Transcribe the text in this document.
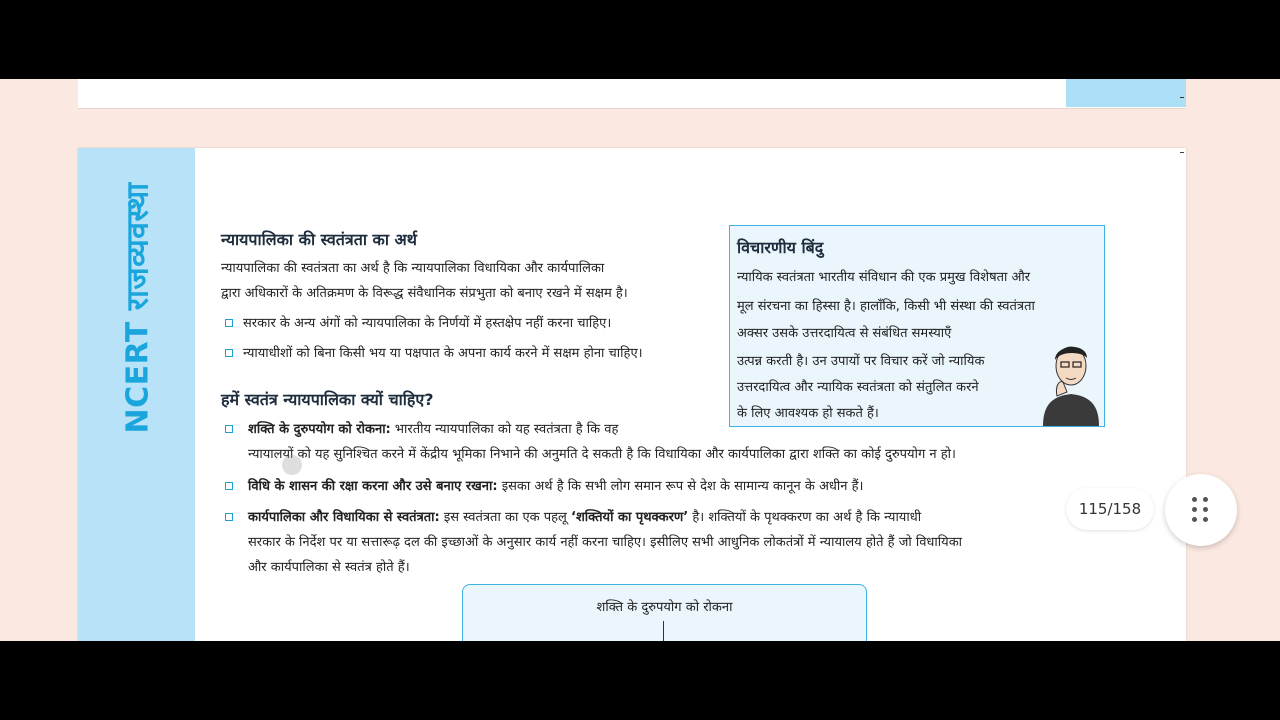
NCERT राजव्यवस्था	न्यायपालिका की स्वतंत्रता का अर्थ

न्यायपालिका की स्वतंत्रता का अर्थ है कि न्यायपालिका विधायिका और कार्यपालिका
द्वारा अधिकारों के अतिक्रमण के विरूद्ध संवैधानिक संप्रभुता को बनाए रखने में सक्षम है।

सरकार के अन्य अंगों को न्यायपालिका के निर्णयों में हस्तक्षेप नहीं करना चाहिए।
न्यायाधीशों को बिना किसी भय या पक्षपात के अपना कार्य करने में सक्षम होना चाहिए।
हमें स्वतंत्र न्यायपालिका क्यों चाहिए?
शक्ति के दुरुपयोग को रोकना: भारतीय न्यायपालिका को यह स्वतंत्रता है कि वह
न्यायालयों को यह सुनिश्चित करने में केंद्रीय भूमिका निभाने की अनुमति दे सकती है कि विधायिका और कार्यपालिका द्वारा शक्ति का कोई दुरुपयोग न हो।
विधि के शासन की रक्षा करना और उसे बनाए रखना: इसका अर्थ है कि सभी लोग समान रूप से देश के सामान्य कानून के अधीन हैं।
कार्यपालिका और विधायिका से स्वतंत्रता: इस स्वतंत्रता का एक पहलू ‘शक्तियों का पृथक्करण’ है। शक्तियों के पृथक्करण का अर्थ है कि न्यायाधी
सरकार के निर्देश पर या सत्तारूढ़ दल की इच्छाओं के अनुसार कार्य नहीं करना चाहिए। इसीलिए सभी आधुनिक लोकतंत्रों में न्यायालय होते हैं जो विधायिका
और कार्यपालिका से स्वतंत्र होते हैं।
विचारणीय बिंदु
न्यायिक स्वतंत्रता भारतीय संविधान की एक प्रमुख विशेषता और
मूल संरचना का हिस्सा है। हालाँकि, किसी भी संस्था की स्वतंत्रता
अक्सर उसके उत्तरदायित्व से संबंधित समस्याएँ
उत्पन्न करती है। उन उपायों पर विचार करें जो न्यायिक
उत्तरदायित्व और न्यायिक स्वतंत्रता को संतुलित करने
के लिए आवश्यक हो सकते हैं।
शक्ति के दुरुपयोग को रोकना
115/158
